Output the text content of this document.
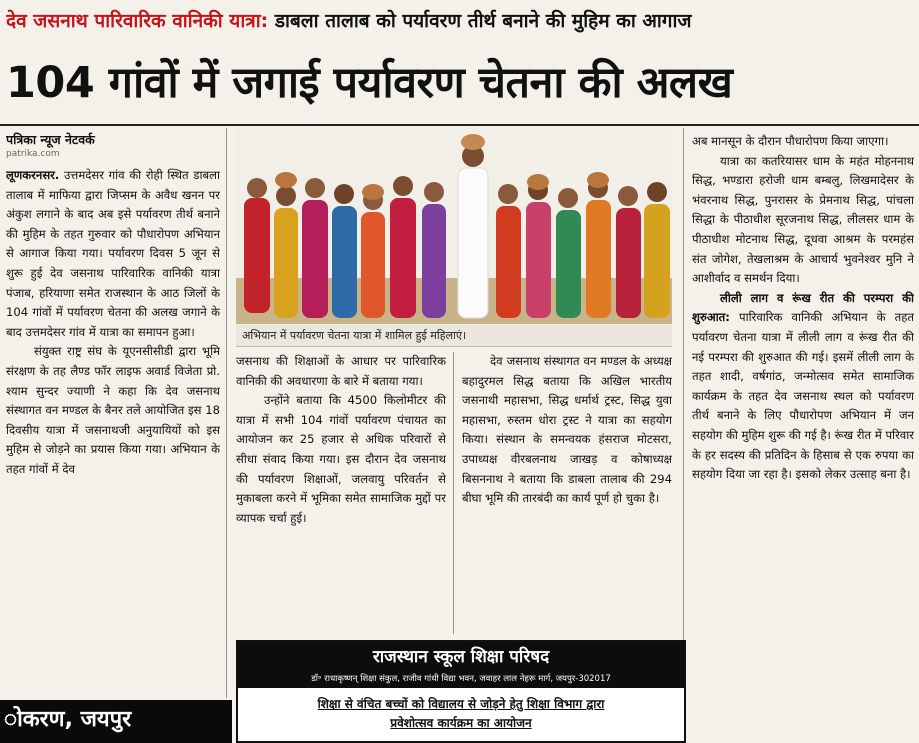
देव जसनाथ पारिवारिक वानिकी यात्रा: डाबला तालाब को पर्यावरण तीर्थ बनाने की मुहिम का आगाज
104 गांवों में जगाई पर्यावरण चेतना की अलख
पत्रिका न्यूज नेटवर्क
patrika.com

लूणकरनसर. उत्तमदेसर गांव की रोही स्थित डाबला तालाब में माफिया द्वारा जिप्सम के अवैध खनन पर अंकुश लगाने के बाद अब इसे पर्यावरण तीर्थ बनाने की मुहिम के तहत गुरुवार को पौधारोपण अभियान से आगाज किया गया। पर्यावरण दिवस 5 जून से शुरू हुई देव जसनाथ पारिवारिक वानिकी यात्रा पंजाब, हरियाणा समेत राजस्थान के आठ जिलों के 104 गांवों में पर्यावरण चेतना की अलख जगाने के बाद उत्तमदेसर गांव में यात्रा का समापन हुआ।

संयुक्त राष्ट्र संघ के यूएनसीसीडी द्वारा भूमि संरक्षण के तह लैण्ड फॉर लाइफ अवार्ड विजेता प्रो. श्याम सुन्दर ज्याणी ने कहा कि देव जसनाथ संस्थागत वन मण्डल के बैनर तले आयोजित इस 18 दिवसीय यात्रा में जसनाथजी अनुयायियों को इस मुहिम से जोड़ने का प्रयास किया गया। अभियान के तहत गांवों में देव

अभियान में पर्यावरण चेतना यात्रा में शामिल हुई महिलाएं।

जसनाथ की शिक्षाओं के आधार पर पारिवारिक वानिकी की अवधारणा के बारे में बताया गया।

उन्होंने बताया कि 4500 किलोमीटर की यात्रा में सभी 104 गांवों पर्यावरण पंचायत का आयोजन कर 25 हजार से अधिक परिवारों से सीधा संवाद किया गया। इस दौरान देव जसनाथ की पर्यावरण शिक्षाओं, जलवायु परिवर्तन से मुकाबला करने में भूमिका समेत सामाजिक मुद्दों पर व्यापक चर्चा हुई।

देव जसनाथ संस्थागत वन मण्डल के अध्यक्ष बहादुरमल सिद्ध बताया कि अखिल भारतीय जसनाथी महासभा, सिद्ध धर्मार्थ ट्रस्ट, सिद्ध युवा महासभा, रुस्तम धोरा ट्रस्ट ने यात्रा का सहयोग किया। संस्थान के समन्वयक हंसराज मोटसरा, उपाध्यक्ष वीरबलनाथ जाखड़ व कोषाध्यक्ष बिसननाथ ने बताया कि डाबला तालाब की 294 बीघा भूमि की तारबंदी का कार्य पूर्ण हो चुका है।

अब मानसून के दौरान पौधारोपण किया जाएगा।

यात्रा का कतरियासर धाम के महंत मोहननाथ सिद्ध, भण्डारा हरोजी धाम बम्बलु, लिखमादेसर के भंवरनाथ सिद्ध, पुनरासर के प्रेमनाथ सिद्ध, पांचला सिद्धा के पीठाधीश सूरजनाथ सिद्ध, लीलसर धाम के पीठाधीश मोटनाथ सिद्ध, दूधवा आश्रम के परमहंस संत जोगेश, तेखलाश्रम के आचार्य भुवनेश्वर मुनि ने आशीर्वाद व समर्थन दिया।

लीली लाग व रूंख रीत की परम्परा की शुरुआत: पारिवारिक वानिकी अभियान के तहत पर्यावरण चेतना यात्रा में लीली लाग व रूंख रीत की नई परम्परा की शुरुआत की गई। इसमें लीली लाग के तहत शादी, वर्षगांठ, जन्मोत्सव समेत सामाजिक कार्यक्रम के तहत देव जसनाथ स्थल को पर्यावरण तीर्थ बनाने के लिए पौधारोपण अभियान में जन सहयोग की मुहिम शुरू की गई है। रूंख रीत में परिवार के हर सदस्य की प्रतिदिन के हिसाब से एक रुपया का सहयोग दिया जा रहा है। इसको लेकर उत्साह बना है।

राजस्थान स्कूल शिक्षा परिषद
डॉ॰ राधाकृष्णन् शिक्षा संकुल, राजीव गांधी विद्या भवन, जवाहर लाल नेहरू मार्ग, जयपुर-302017
शिक्षा से वंचित बच्चों को विद्यालय से जोड़ने हेतु शिक्षा विभाग द्वारा
प्रवेशोत्सव कार्यक्रम का आयोजन
ोकरण, जयपुर
